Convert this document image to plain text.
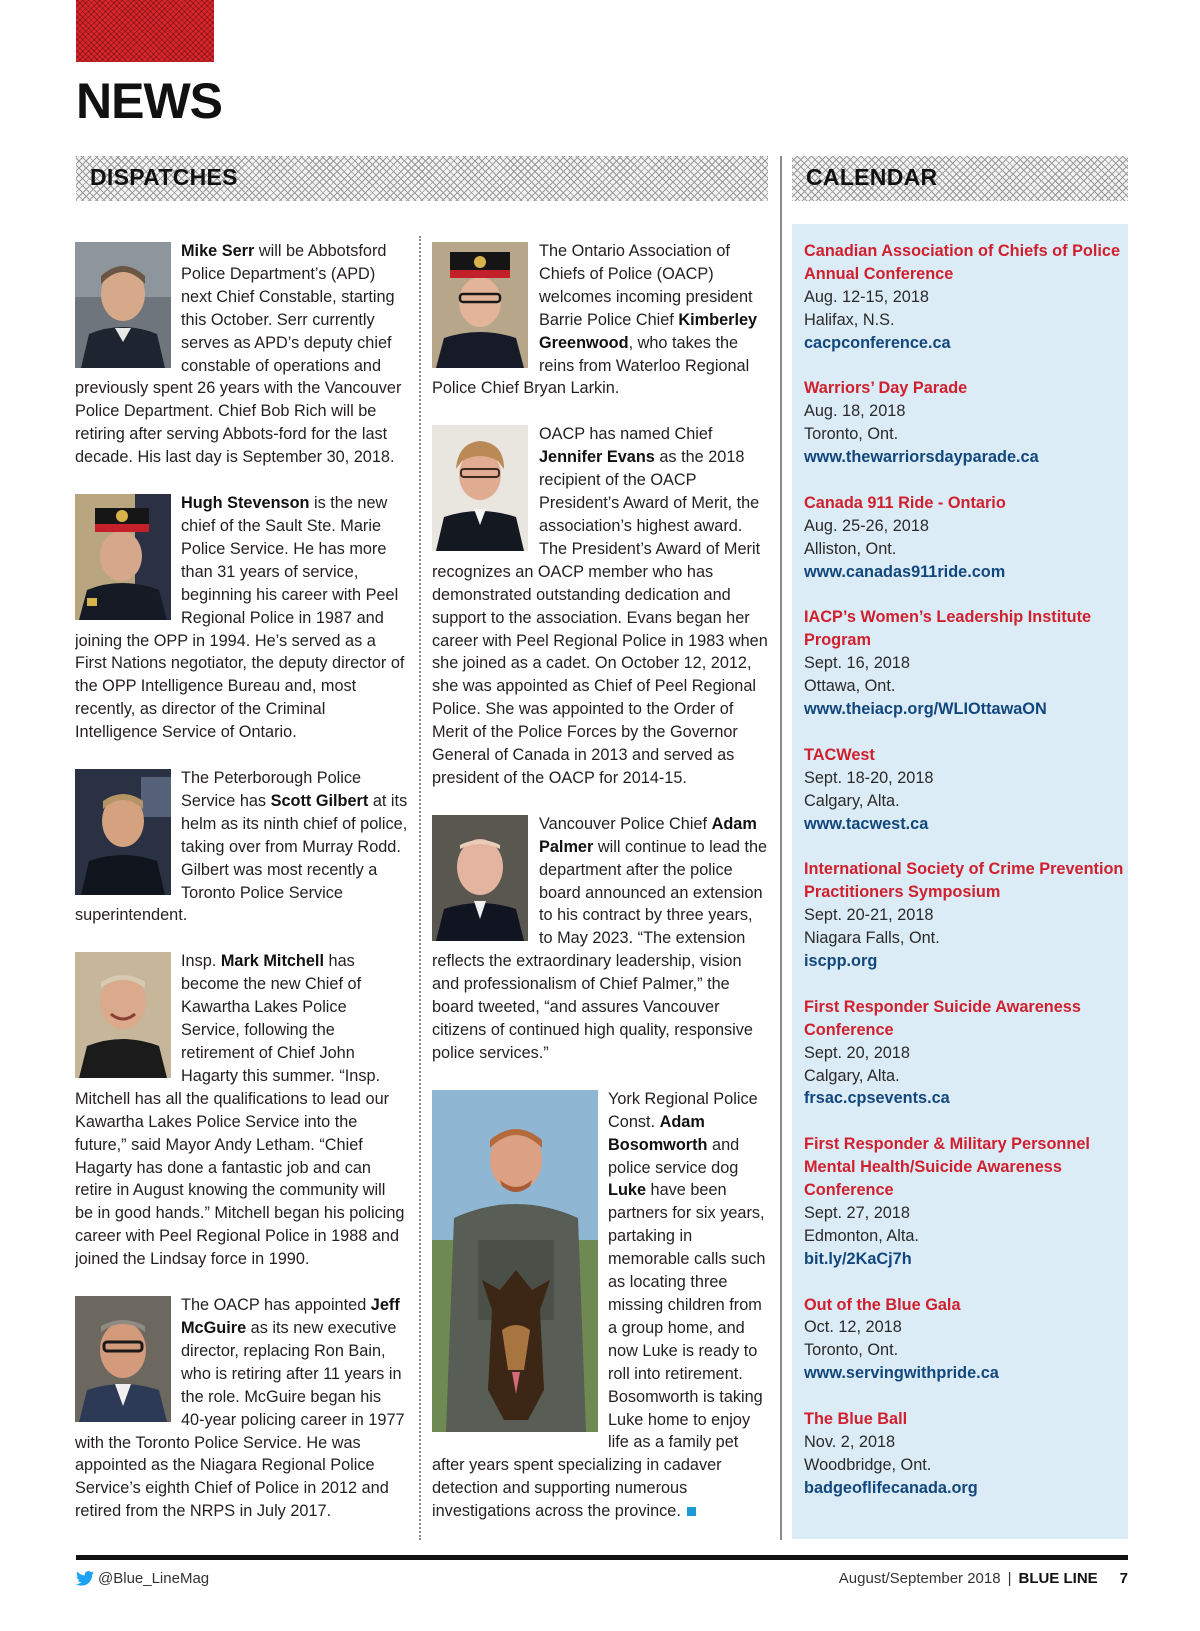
NEWS
DISPATCHES	CALENDAR

Mike Serr will be Abbotsford Police Department’s (APD) next Chief Constable, starting this October. Serr currently serves as APD’s deputy chief constable of operations and previously spent 26 years with the Vancouver Police Department. Chief Bob Rich will be retiring after serving Abbots-ford for the last decade. His last day is September 30, 2018.

Hugh Stevenson is the new chief of the Sault Ste. Marie Police Service. He has more than 31 years of service, beginning his career with Peel Regional Police in 1987 and joining the OPP in 1994. He’s served as a First Nations negotiator, the deputy director of the OPP Intelligence Bureau and, most recently, as director of the Criminal Intelligence Service of Ontario.

The Peterborough Police Service has Scott Gilbert at its helm as its ninth chief of police, taking over from Murray Rodd. Gilbert was most recently a Toronto Police Service superintendent.

Insp. Mark Mitchell has become the new Chief of Kawartha Lakes Police Service, following the retirement of Chief John Hagarty this summer. “Insp. Mitchell has all the qualifications to lead our Kawartha Lakes Police Service into the future,” said Mayor Andy Letham. “Chief Hagarty has done a fantastic job and can retire in August knowing the community will be in good hands.” Mitchell began his policing career with Peel Regional Police in 1988 and joined the Lindsay force in 1990.

The OACP has appointed Jeff McGuire as its new executive director, replacing Ron Bain, who is retiring after 11 years in the role. McGuire began his 40-year policing career in 1977 with the Toronto Police Service. He was appointed as the Niagara Regional Police Service’s eighth Chief of Police in 2012 and retired from the NRPS in July 2017.

The Ontario Association of Chiefs of Police (OACP) welcomes incoming president Barrie Police Chief Kimberley Greenwood, who takes the reins from Waterloo Regional Police Chief Bryan Larkin.

OACP has named Chief Jennifer Evans as the 2018 recipient of the OACP President’s Award of Merit, the association’s highest award. The President’s Award of Merit recognizes an OACP member who has demonstrated outstanding dedication and support to the association. Evans began her career with Peel Regional Police in 1983 when she joined as a cadet. On October 12, 2012, she was appointed as Chief of Peel Regional Police. She was appointed to the Order of Merit of the Police Forces by the Governor General of Canada in 2013 and served as president of the OACP for 2014-15.

Vancouver Police Chief Adam Palmer will continue to lead the department after the police board announced an extension to his contract by three years, to May 2023. “The extension reflects the extraordinary leadership, vision and professionalism of Chief Palmer,” the board tweeted, “and assures Vancouver citizens of continued high quality, responsive police services.”

York Regional Police Const. Adam Bosomworth and police service dog Luke have been partners for six years, partaking in memorable calls such as locating three missing children from a group home, and now Luke is ready to roll into retirement. Bosomworth is taking Luke home to enjoy life as a family pet after years spent specializing in cadaver detection and supporting numerous investigations across the province.

Canadian Association of Chiefs of Police Annual Conference
Aug. 12-15, 2018
Halifax, N.S.
cacpconference.ca
Warriors’ Day Parade
Aug. 18, 2018
Toronto, Ont.
www.thewarriorsdayparade.ca
Canada 911 Ride - Ontario
Aug. 25-26, 2018
Alliston, Ont.
www.canadas911ride.com
IACP’s Women’s Leadership Institute Program
Sept. 16, 2018
Ottawa, Ont.
www.theiacp.org/WLIOttawaON
TACWest
Sept. 18-20, 2018
Calgary, Alta.
www.tacwest.ca
International Society of Crime Prevention Practitioners Symposium
Sept. 20-21, 2018
Niagara Falls, Ont.
iscpp.org
First Responder Suicide Awareness Conference
Sept. 20, 2018
Calgary, Alta.
frsac.cpsevents.ca
First Responder & Military Personnel Mental Health/Suicide Awareness Conference
Sept. 27, 2018
Edmonton, Alta.
bit.ly/2KaCj7h
Out of the Blue Gala
Oct. 12, 2018
Toronto, Ont.
www.servingwithpride.ca
The Blue Ball
Nov. 2, 2018
Woodbridge, Ont.
badgeoflifecanada.org
@Blue_LineMag	August/September 2018 | BLUE LINE 7
